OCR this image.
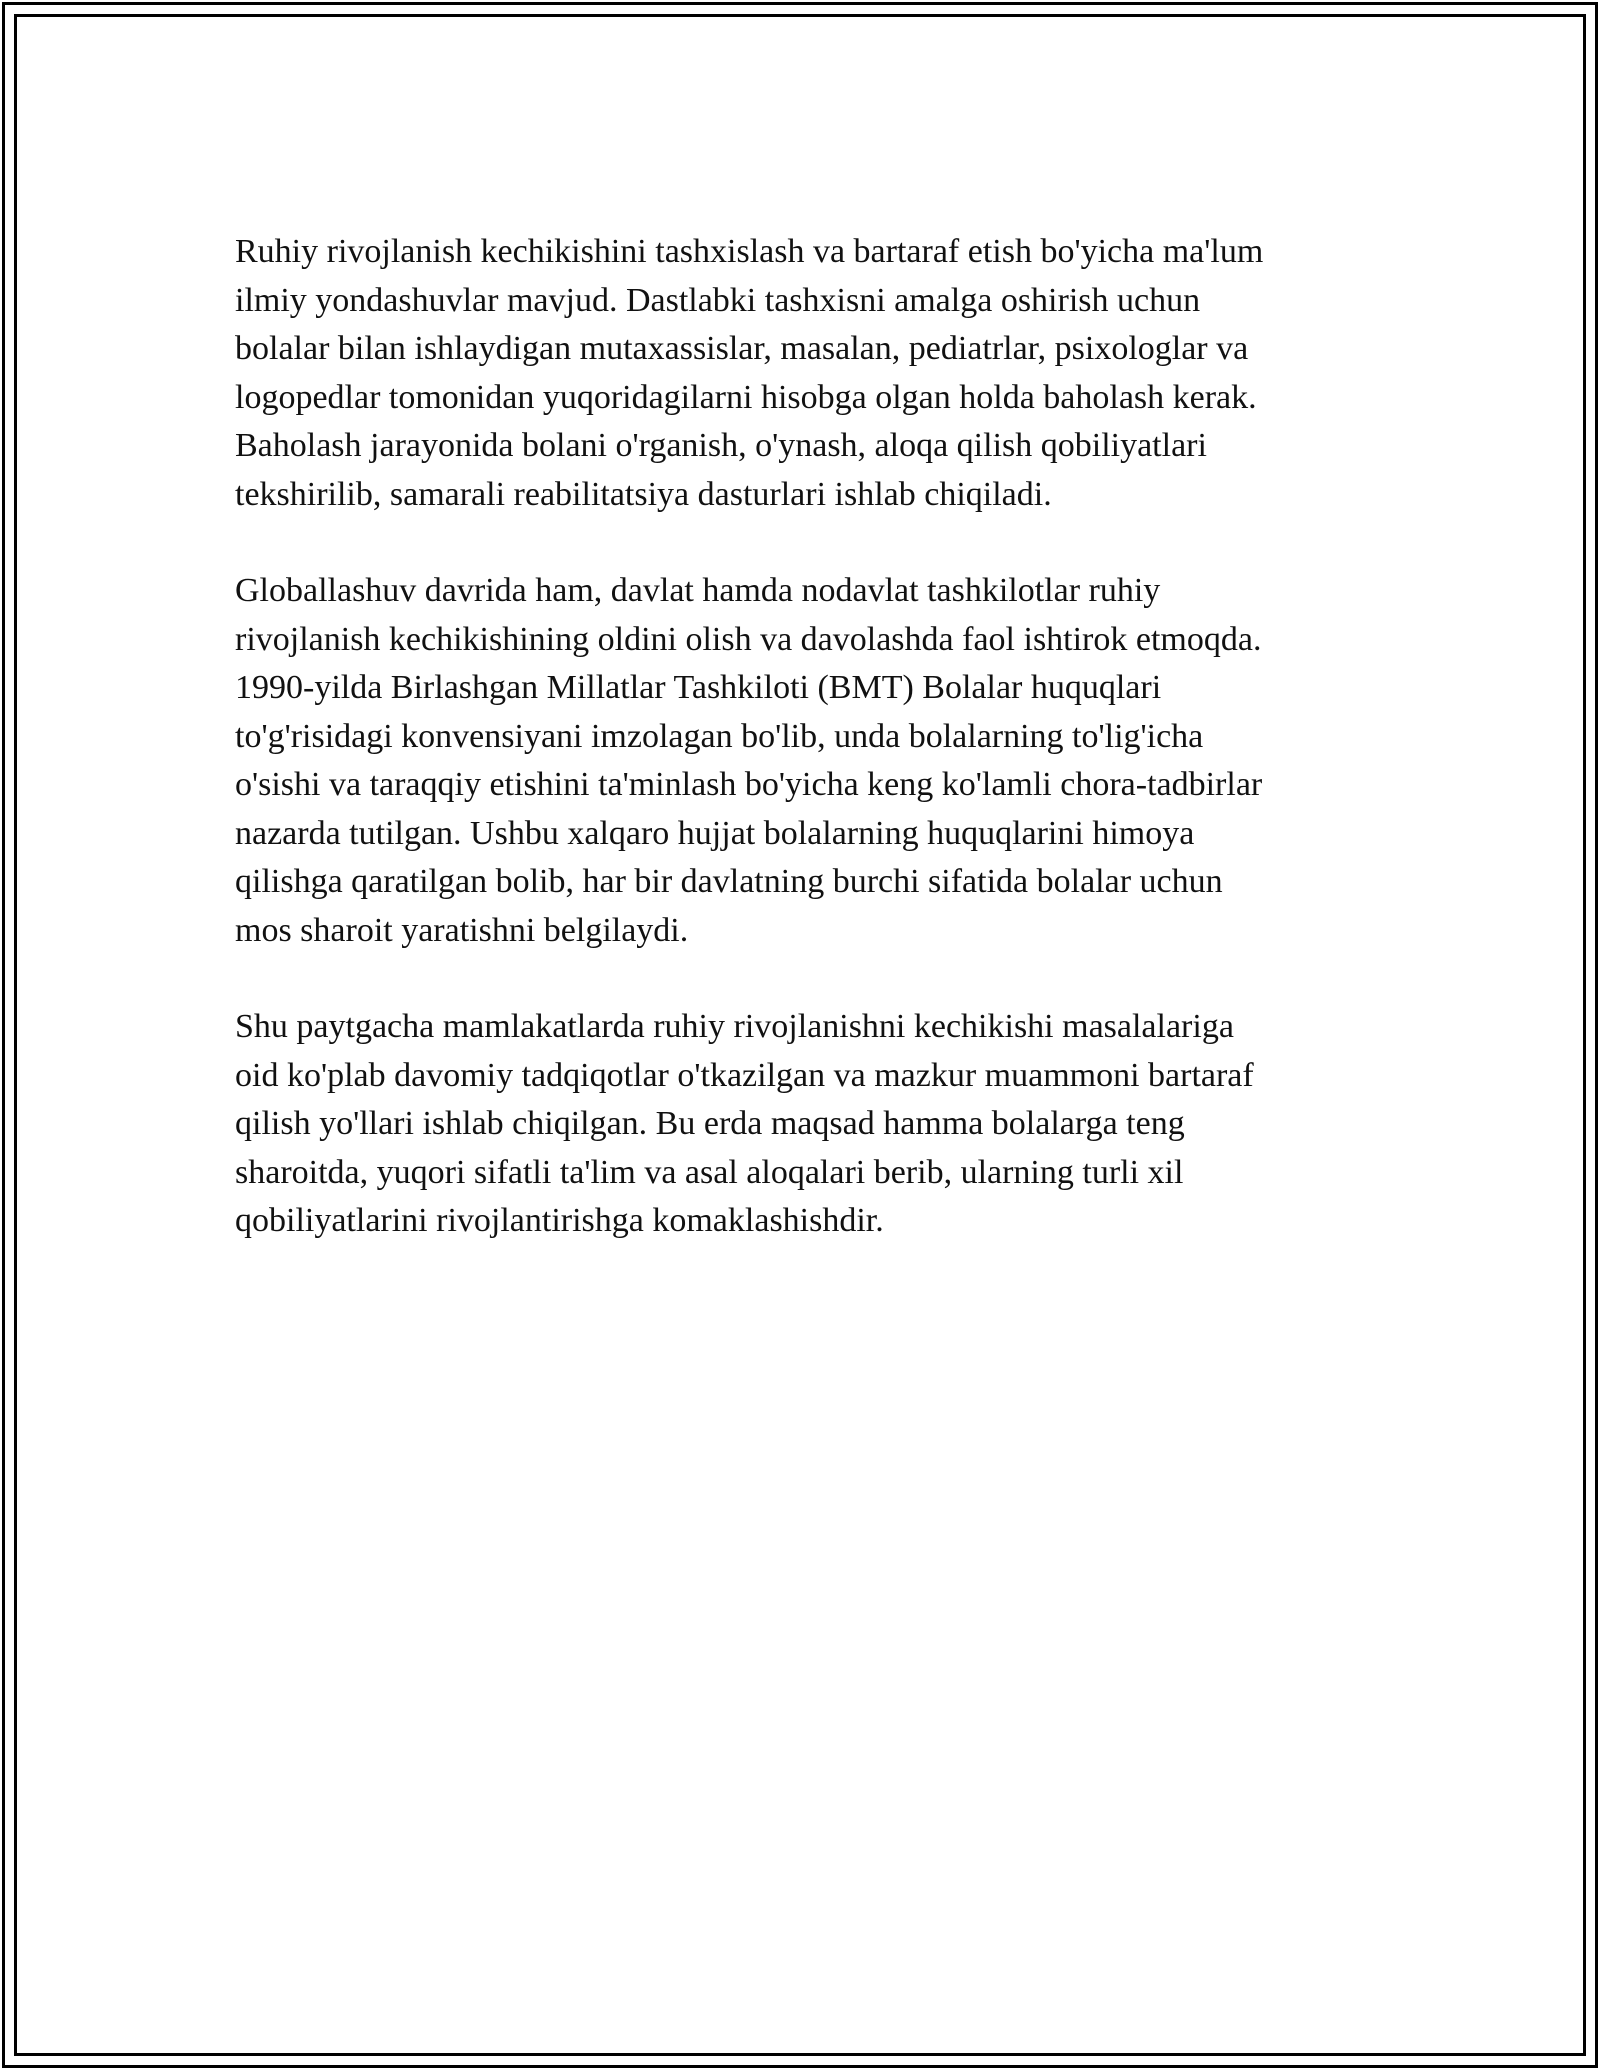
Ruhiy rivojlanish kechikishini tashxislash va bartaraf etish bo'yicha ma'lum
ilmiy yondashuvlar mavjud. Dastlabki tashxisni amalga oshirish uchun
bolalar bilan ishlaydigan mutaxassislar, masalan, pediatrlar, psixologlar va
logopedlar tomonidan yuqoridagilarni hisobga olgan holda baholash kerak.
Baholash jarayonida bolani o'rganish, o'ynash, aloqa qilish qobiliyatlari
tekshirilib, samarali reabilitatsiya dasturlari ishlab chiqiladi.

Globallashuv davrida ham, davlat hamda nodavlat tashkilotlar ruhiy
rivojlanish kechikishining oldini olish va davolashda faol ishtirok etmoqda.
1990-yilda Birlashgan Millatlar Tashkiloti (BMT) Bolalar huquqlari
to'g'risidagi konvensiyani imzolagan bo'lib, unda bolalarning to'lig'icha
o'sishi va taraqqiy etishini ta'minlash bo'yicha keng ko'lamli chora-tadbirlar
nazarda tutilgan. Ushbu xalqaro hujjat bolalarning huquqlarini himoya
qilishga qaratilgan bolib, har bir davlatning burchi sifatida bolalar uchun
mos sharoit yaratishni belgilaydi.

Shu paytgacha mamlakatlarda ruhiy rivojlanishni kechikishi masalalariga
oid ko'plab davomiy tadqiqotlar o'tkazilgan va mazkur muammoni bartaraf
qilish yo'llari ishlab chiqilgan. Bu erda maqsad hamma bolalarga teng
sharoitda, yuqori sifatli ta'lim va asal aloqalari berib, ularning turli xil
qobiliyatlarini rivojlantirishga komaklashishdir.
